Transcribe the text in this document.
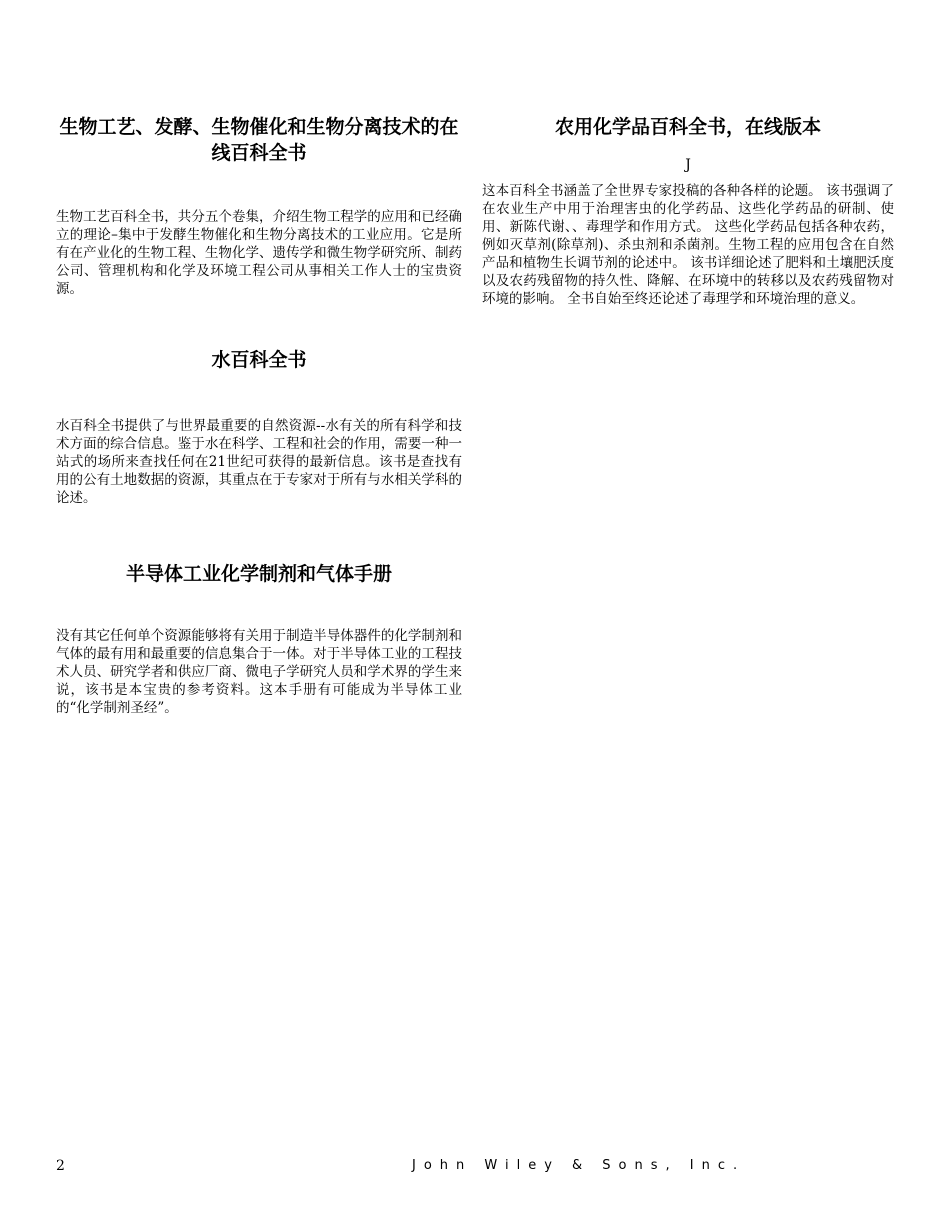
生物工艺、发酵、生物催化和生物分离技术的在线百科全书

生物工艺百科全书，共分五个卷集，介绍生物工程学的应用和已经确立的理论–集中于发酵生物催化和生物分离技术的工业应用。它是所有在产业化的生物工程、生物化学、遗传学和微生物学研究所、制药公司、管理机构和化学及环境工程公司从事相关工作人士的宝贵资源。

水百科全书

水百科全书提供了与世界最重要的自然资源--水有关的所有科学和技术方面的综合信息。鉴于水在科学、工程和社会的作用，需要一种一站式的场所来查找任何在21世纪可获得的最新信息。该书是查找有用的公有土地数据的资源，其重点在于专家对于所有与水相关学科的论述。

半导体工业化学制剂和气体手册

没有其它任何单个资源能够将有关用于制造半导体器件的化学制剂和气体的最有用和最重要的信息集合于一体。对于半导体工业的工程技术人员、研究学者和供应厂商、微电子学研究人员和学术界的学生来说，该书是本宝贵的参考资料。这本手册有可能成为半导体工业的“化学制剂圣经”。

农用化学品百科全书，在线版本
J

这本百科全书涵盖了全世界专家投稿的各种各样的论题。 该书强调了在农业生产中用于治理害虫的化学药品、这些化学药品的研制、使用、新陈代谢、、毒理学和作用方式。 这些化学药品包括各种农药，例如灭草剂(除草剂)、杀虫剂和杀菌剂。生物工程的应用包含在自然产品和植物生长调节剂的论述中。 该书详细论述了肥料和土壤肥沃度以及农药残留物的持久性、降解、在环境中的转移以及农药残留物对环境的影响。 全书自始至终还论述了毒理学和环境治理的意义。

2	John Wiley & Sons, Inc.
